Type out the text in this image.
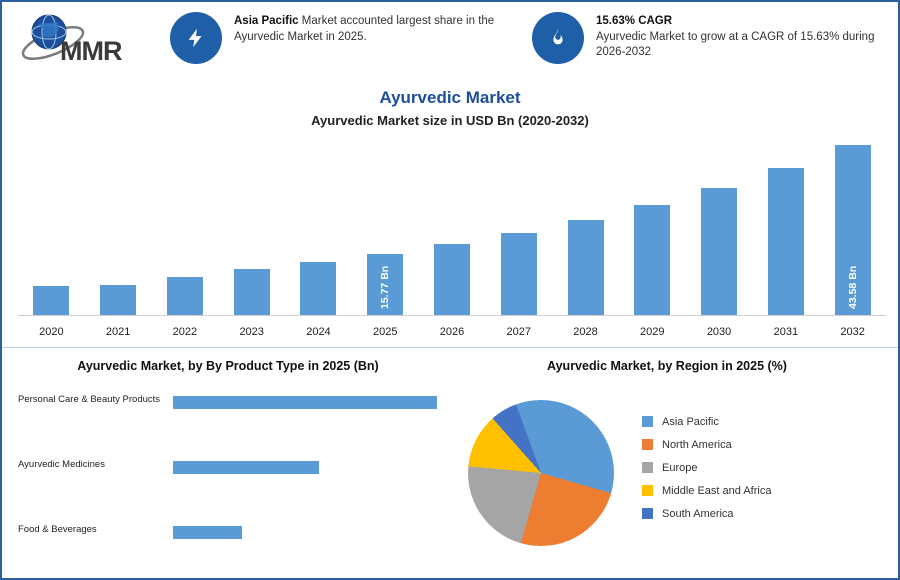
MMR
Asia Pacific Market accounted largest share in the Ayurvedic Market in 2025.
15.63% CAGR
Ayurvedic Market to grow at a CAGR of 15.63% during 2026-2032
Ayurvedic Market
Ayurvedic Market size in USD Bn (2020-2032)
15.77 Bn	43.58 Bn
2020	2021	2022	2023	2024	2025	2026	2027	2028	2029	2030	2031	2032
Ayurvedic Market, by By Product Type in 2025 (Bn)	Ayurvedic Market, by Region in 2025 (%)
Personal Care & Beauty Products
Ayurvedic Medicines
Food & Beverages
Asia Pacific
North America
Europe
Middle East and Africa
South America
